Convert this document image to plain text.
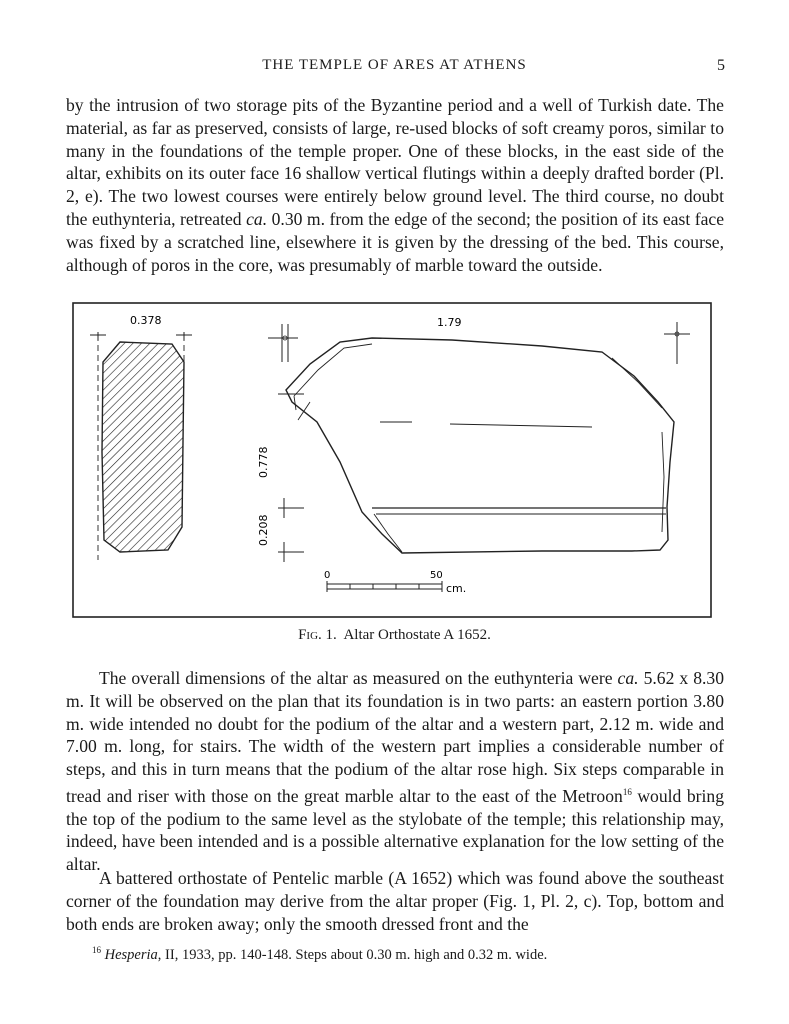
THE TEMPLE OF ARES AT ATHENS	5

by the intrusion of two storage pits of the Byzantine period and a well of Turkish date. The material, as far as preserved, consists of large, re-used blocks of soft creamy poros, similar to many in the foundations of the temple proper. One of these blocks, in the east side of the altar, exhibits on its outer face 16 shallow vertical flutings within a deeply drafted border (Pl. 2, e). The two lowest courses were entirely below ground level. The third course, no doubt the euthynteria, retreated ca. 0.30 m. from the edge of the second; the position of its east face was fixed by a scratched line, elsewhere it is given by the dressing of the bed. This course, although of poros in the core, was presumably of marble toward the outside.

0.378	1.79
0.778
0.208
0	50
cm.
Fig. 1. Altar Orthostate A 1652.

The overall dimensions of the altar as measured on the euthynteria were ca. 5.62 x 8.30 m. It will be observed on the plan that its foundation is in two parts: an eastern portion 3.80 m. wide intended no doubt for the podium of the altar and a western part, 2.12 m. wide and 7.00 m. long, for stairs. The width of the western part implies a considerable number of steps, and this in turn means that the podium of the altar rose high. Six steps comparable in tread and riser with those on the great marble altar to the east of the Metroon$^{16}$ would bring the top of the podium to the same level as the stylobate of the temple; this relationship may, indeed, have been intended and is a possible alternative explanation for the low setting of the altar.

A battered orthostate of Pentelic marble (A 1652) which was found above the southeast corner of the foundation may derive from the altar proper (Fig. 1, Pl. 2, c). Top, bottom and both ends are broken away; only the smooth dressed front and the

$^{16}$ Hesperia, II, 1933, pp. 140-148. Steps about 0.30 m. high and 0.32 m. wide.
